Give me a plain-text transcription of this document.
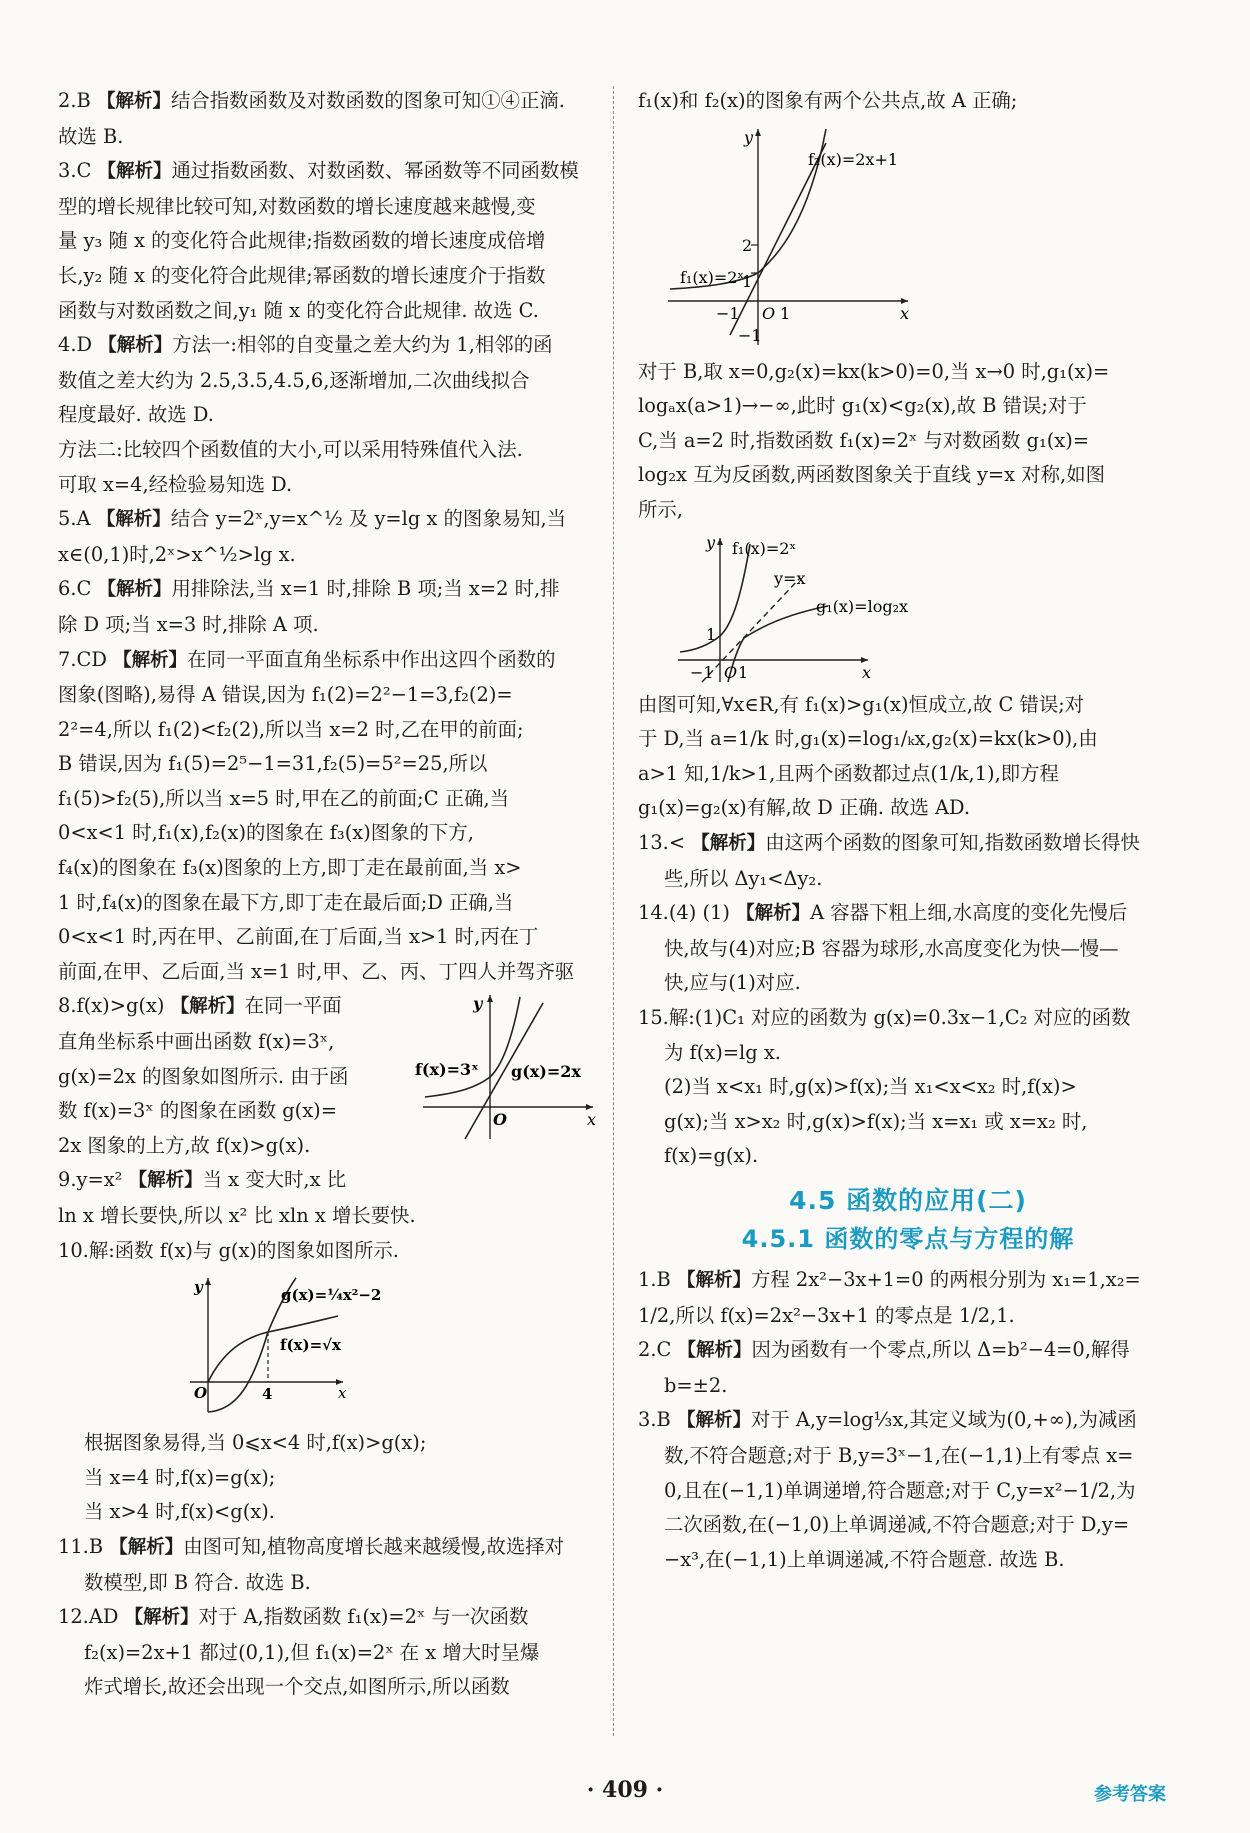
2.B 【解析】结合指数函数及对数函数的图象可知①④正滴.

故选 B.

3.C 【解析】通过指数函数、对数函数、幂函数等不同函数模

型的增长规律比较可知,对数函数的增长速度越来越慢,变

量 y₃ 随 x 的变化符合此规律;指数函数的增长速度成倍增

长,y₂ 随 x 的变化符合此规律;幂函数的增长速度介于指数

函数与对数函数之间,y₁ 随 x 的变化符合此规律. 故选 C.

4.D 【解析】方法一:相邻的自变量之差大约为 1,相邻的函

数值之差大约为 2.5,3.5,4.5,6,逐渐增加,二次曲线拟合

程度最好. 故选 D.

方法二:比较四个函数值的大小,可以采用特殊值代入法.

可取 x=4,经检验易知选 D.

5.A 【解析】结合 y=2ˣ,y=x^½ 及 y=lg x 的图象易知,当

x∈(0,1)时,2ˣ>x^½>lg x.

6.C 【解析】用排除法,当 x=1 时,排除 B 项;当 x=2 时,排

除 D 项;当 x=3 时,排除 A 项.

7.CD 【解析】在同一平面直角坐标系中作出这四个函数的

图象(图略),易得 A 错误,因为 f₁(2)=2²−1=3,f₂(2)=

2²=4,所以 f₁(2)<f₂(2),所以当 x=2 时,乙在甲的前面;

B 错误,因为 f₁(5)=2⁵−1=31,f₂(5)=5²=25,所以

f₁(5)>f₂(5),所以当 x=5 时,甲在乙的前面;C 正确,当

0<x<1 时,f₁(x),f₂(x)的图象在 f₃(x)图象的下方,

f₄(x)的图象在 f₃(x)图象的上方,即丁走在最前面,当 x>

1 时,f₄(x)的图象在最下方,即丁走在最后面;D 正确,当

0<x<1 时,丙在甲、乙前面,在丁后面,当 x>1 时,丙在丁

前面,在甲、乙后面,当 x=1 时,甲、乙、丙、丁四人并驾齐驱

8.f(x)>g(x) 【解析】在同一平面

直角坐标系中画出函数 f(x)=3ˣ,

g(x)=2x 的图象如图所示. 由于函

数 f(x)=3ˣ 的图象在函数 g(x)=

2x 图象的上方,故 f(x)>g(x).

f(x)=3ˣ g(x)=2x
y
x
O

9.y=x² 【解析】当 x 变大时,x 比

ln x 增长要快,所以 x² 比 xln x 增长要快.

10.解:函数 f(x)与 g(x)的图象如图所示.

g(x)=¼x²−2
f(x)=√x
y
x
O	4

根据图象易得,当 0⩽x<4 时,f(x)>g(x);

当 x=4 时,f(x)=g(x);

当 x>4 时,f(x)<g(x).

11.B 【解析】由图可知,植物高度增长越来越缓慢,故选择对

数模型,即 B 符合. 故选 B.

12.AD 【解析】对于 A,指数函数 f₁(x)=2ˣ 与一次函数

f₂(x)=2x+1 都过(0,1),但 f₁(x)=2ˣ 在 x 增大时呈爆

炸式增长,故还会出现一个交点,如图所示,所以函数

f₁(x)和 f₂(x)的图象有两个公共点,故 A 正确;

f₂(x)=2x+1
f₁(x)=2ˣ
y
x
O
2
1
1
−1
−1

对于 B,取 x=0,g₂(x)=kx(k>0)=0,当 x→0 时,g₁(x)=

logₐx(a>1)→−∞,此时 g₁(x)<g₂(x),故 B 错误;对于

C,当 a=2 时,指数函数 f₁(x)=2ˣ 与对数函数 g₁(x)=

log₂x 互为反函数,两函数图象关于直线 y=x 对称,如图

所示,

f₁(x)=2ˣ
y=x
g₁(x)=log₂x
y
x
O
1
1
−1

由图可知,∀x∈R,有 f₁(x)>g₁(x)恒成立,故 C 错误;对

于 D,当 a=1/k 时,g₁(x)=log₁/ₖx,g₂(x)=kx(k>0),由

a>1 知,1/k>1,且两个函数都过点(1/k,1),即方程

g₁(x)=g₂(x)有解,故 D 正确. 故选 AD.

13.< 【解析】由这两个函数的图象可知,指数函数增长得快

些,所以 Δy₁<Δy₂.

14.(4) (1) 【解析】A 容器下粗上细,水高度的变化先慢后

快,故与(4)对应;B 容器为球形,水高度变化为快—慢—

快,应与(1)对应.

15.解:(1)C₁ 对应的函数为 g(x)=0.3x−1,C₂ 对应的函数

为 f(x)=lg x.

(2)当 x<x₁ 时,g(x)>f(x);当 x₁<x<x₂ 时,f(x)>

g(x);当 x>x₂ 时,g(x)>f(x);当 x=x₁ 或 x=x₂ 时,

f(x)=g(x).

4.5 函数的应用(二)
4.5.1 函数的零点与方程的解

1.B 【解析】方程 2x²−3x+1=0 的两根分别为 x₁=1,x₂=

1/2,所以 f(x)=2x²−3x+1 的零点是 1/2,1.

2.C 【解析】因为函数有一个零点,所以 Δ=b²−4=0,解得

b=±2.

3.B 【解析】对于 A,y=log⅓x,其定义域为(0,+∞),为减函

数,不符合题意;对于 B,y=3ˣ−1,在(−1,1)上有零点 x=

0,且在(−1,1)单调递增,符合题意;对于 C,y=x²−1/2,为

二次函数,在(−1,0)上单调递减,不符合题意;对于 D,y=

−x³,在(−1,1)上单调递减,不符合题意. 故选 B.

· 409 ·	参考答案
